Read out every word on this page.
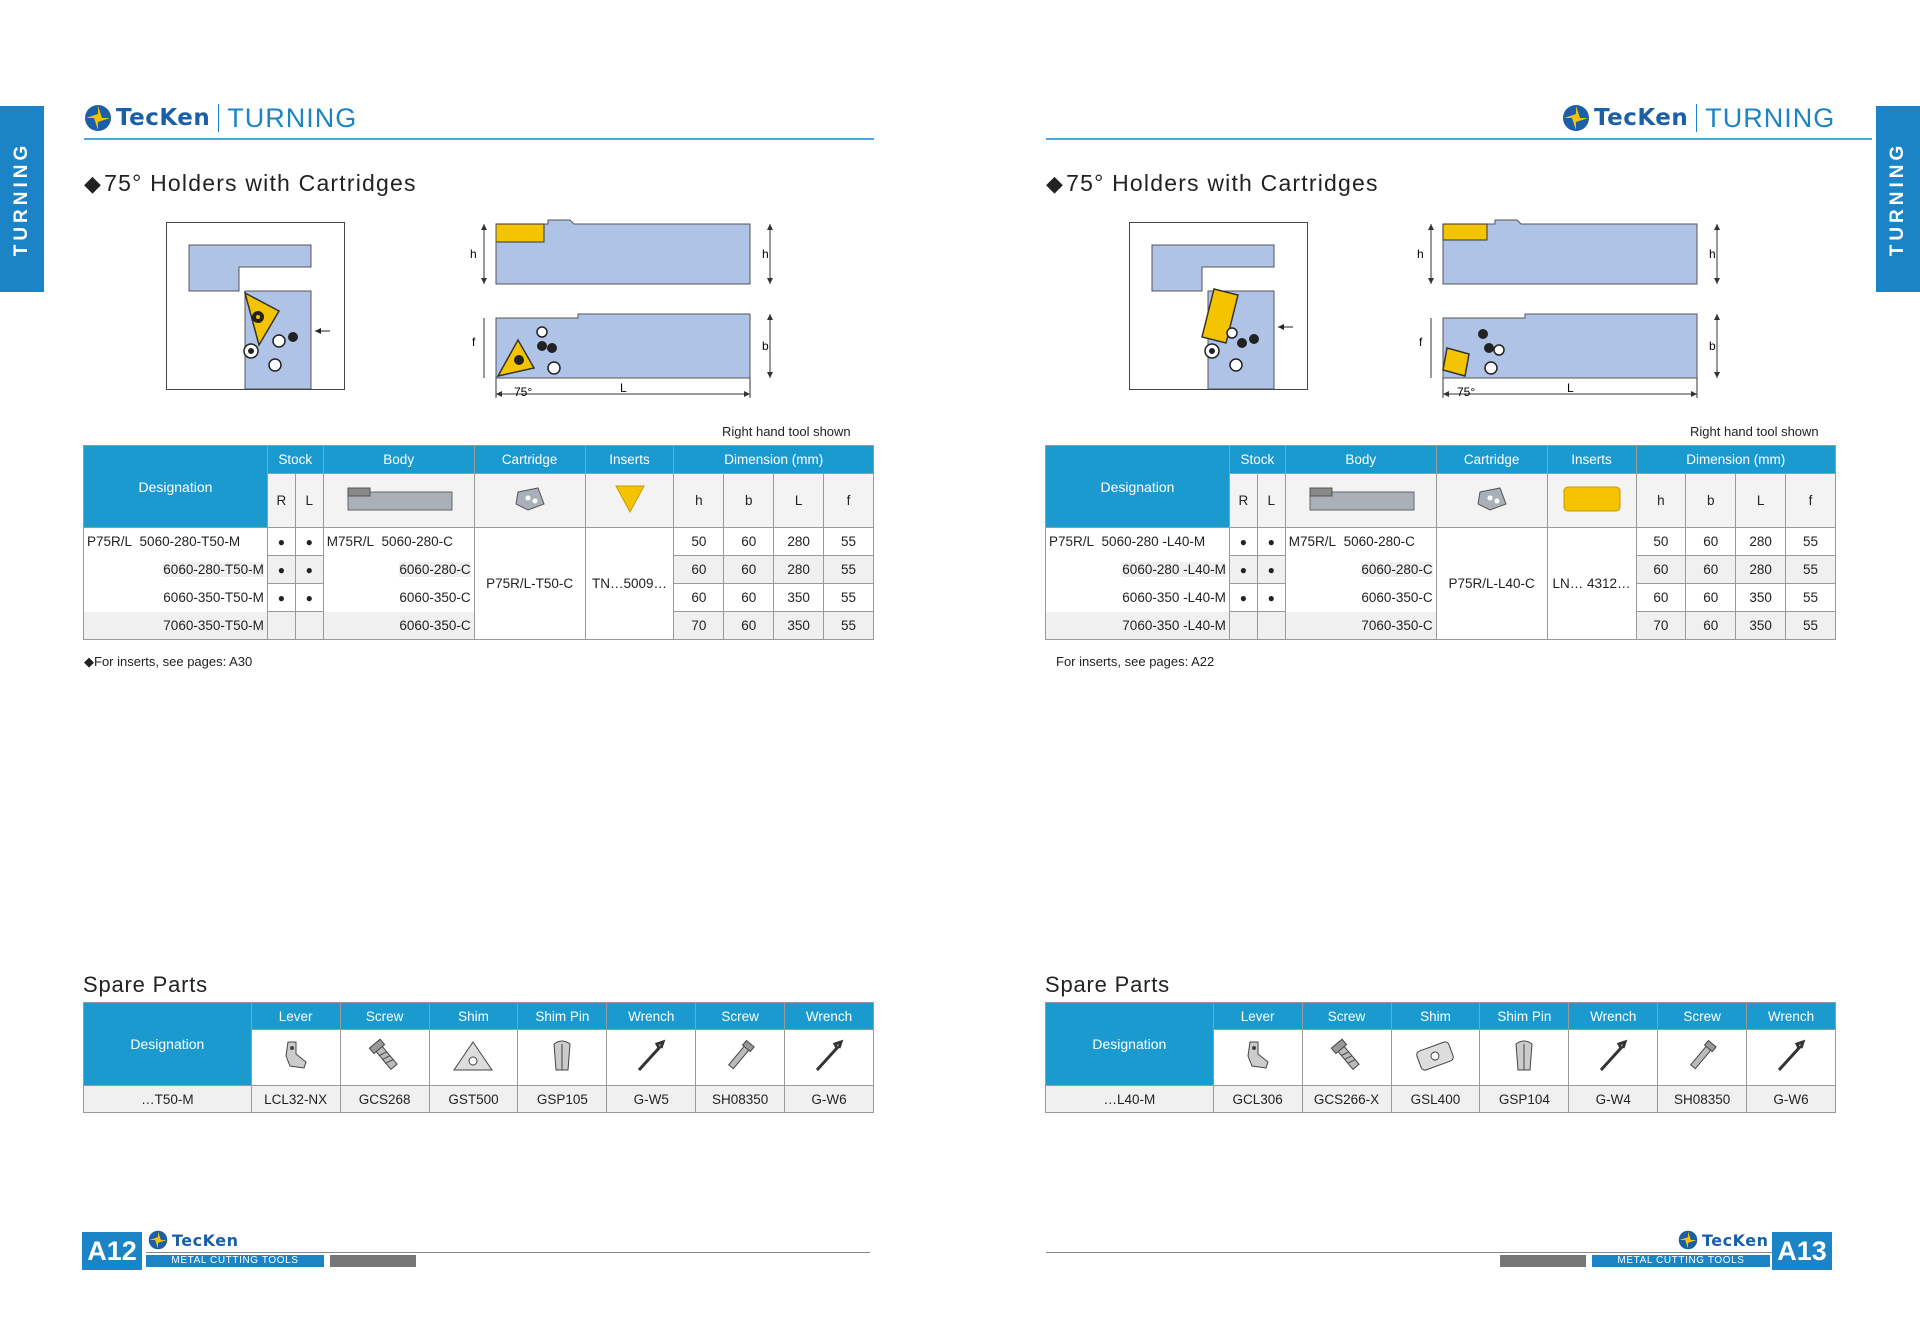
TURNING
TecKen TURNING
◆75° Holders with Cartridges
h	h
f	b
L
75°
Right hand tool shown
Designation	Stock		Body	Cartridge	Inserts	Dimension (mm)			
	R	L				h	b	L	f
P75R/L 5060-280-T50-M	●	●	M75R/L 5060-280-C	P75R/L-T50-C	TN…5009…	50	60	280	55
6060-280-T50-M	●	●	6060-280-C			60	60	280	55
6060-350-T50-M	●	●	6060-350-C			60	60	350	55
7060-350-T50-M			6060-350-C			70	60	350	55
◆For inserts, see pages: A30
Spare Parts
Designation	Lever	Screw	Shim	Shim Pin	Wrench	Screw	Wrench

…T50-M	LCL32-NX	GCS268	GST500	GSP105	G-W5	SH08350	G-W6
A12	TecKen
METAL CUTTING TOOLS
TURNING
TecKen TURNING
◆75° Holders with Cartridges
h	h
f	b
L
75°
Right hand tool shown
Designation	Stock		Body	Cartridge	Inserts	Dimension (mm)			
	R	L				h	b	L	f
P75R/L 5060-280 -L40-M	●	●	M75R/L 5060-280-C	P75R/L-L40-C	LN… 4312…	50	60	280	55
6060-280 -L40-M	●	●	6060-280-C			60	60	280	55
6060-350 -L40-M	●	●	6060-350-C			60	60	350	55
7060-350 -L40-M			7060-350-C			70	60	350	55
For inserts, see pages: A22
Spare Parts
Designation	Lever	Screw	Shim	Shim Pin	Wrench	Screw	Wrench

…L40-M	GCL306	GCS266-X	GSL400	GSP104	G-W4	SH08350	G-W6
TecKen
METAL CUTTING TOOLS	A13
